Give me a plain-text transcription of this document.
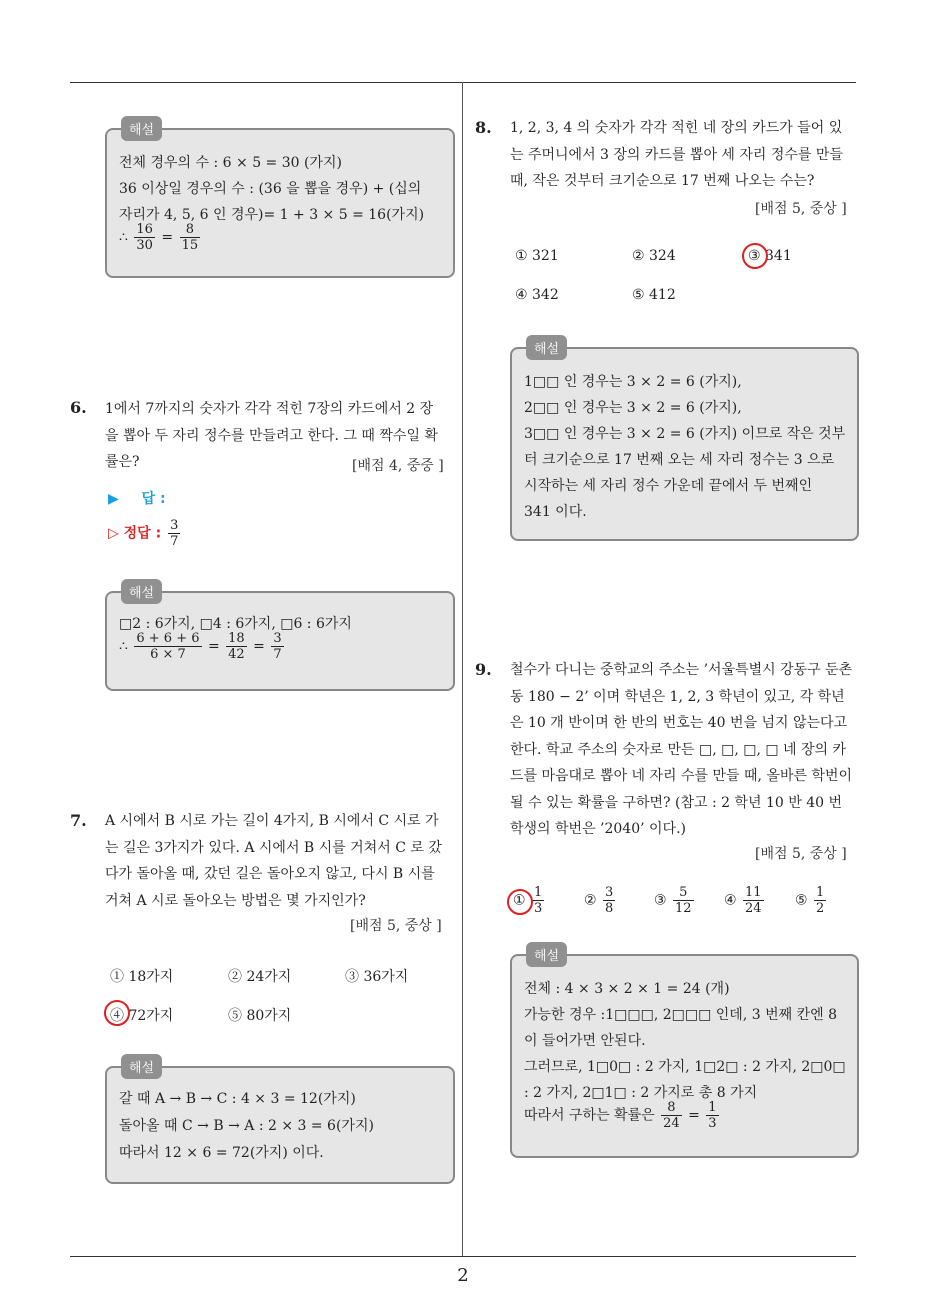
해설
전체 경우의 수 : 6 × 5 = 30 (가지)
36 이상일 경우의 수 : (36 을 뽑을 경우) + (십의
자리가 4, 5, 6 인 경우)= 1 + 3 × 5 = 16(가지)
∴ $\frac{16}{30} = \frac{8}{15}$
6. 1에서 7까지의 숫자가 각각 적힌 7장의 카드에서 2 장을 뽑아 두 자리 정수를 만들려고 한다. 그 때 짝수일 확률은?	[배점 4, 중중 ]
▶ 답 :
▷ 정답 : $\frac{3}{7}$
해설
□2 : 6가지, □4 : 6가지, □6 : 6가지
∴ $\frac{6 + 6 + 6}{6 \times 7} = \frac{18}{42} = \frac{3}{7}$
7. A 시에서 B 시로 가는 길이 4가지, B 시에서 C 시로 가는 길은 3가지가 있다. A 시에서 B 시를 거쳐서 C 로 갔다가 돌아올 때, 갔던 길은 돌아오지 않고, 다시 B 시를 거쳐 A 시로 돌아오는 방법은 몇 가지인가?
[배점 5, 중상 ]
① 18가지	② 24가지	③ 36가지
④ 72가지	⑤ 80가지
해설
갈 때 A → B → C : 4 × 3 = 12(가지)
돌아올 때 C → B → A : 2 × 3 = 6(가지)
따라서 12 × 6 = 72(가지) 이다.
8. 1, 2, 3, 4 의 숫자가 각각 적힌 네 장의 카드가 들어 있는 주머니에서 3 장의 카드를 뽑아 세 자리 정수를 만들 때, 작은 것부터 크기순으로 17 번째 나오는 수는?
[배점 5, 중상 ]
① 321	② 324	③ 341
④ 342	⑤ 412
해설
1□□ 인 경우는 3 × 2 = 6 (가지),
2□□ 인 경우는 3 × 2 = 6 (가지),
3□□ 인 경우는 3 × 2 = 6 (가지) 이므로 작은 것부
터 크기순으로 17 번째 오는 세 자리 정수는 3 으로
시작하는 세 자리 정수 가운데 끝에서 두 번째인
341 이다.
9. 철수가 다니는 중학교의 주소는 ’서울특별시 강동구 둔촌동 180 − 2’ 이며 학년은 1, 2, 3 학년이 있고, 각 학년은 10 개 반이며 한 반의 번호는 40 번을 넘지 않는다고 한다. 학교 주소의 숫자로 만든 □, □, □, □ 네 장의 카드를 마음대로 뽑아 네 자리 수를 만들 때, 올바른 학번이 될 수 있는 확률을 구하면? (참고 : 2 학년 10 반 40 번 학생의 학번은 ’2040’ 이다.)
[배점 5, 중상 ]
① $\frac{1}{3}$	② $\frac{3}{8}$	③ $\frac{5}{12}$ ④ $\frac{11}{24}$ ⑤ $\frac{1}{2}$
해설
전체 : 4 × 3 × 2 × 1 = 24 (개)
가능한 경우 :1□□□, 2□□□ 인데, 3 번째 칸엔 8
이 들어가면 안된다.
그러므로, 1□0□ : 2 가지, 1□2□ : 2 가지, 2□0□
: 2 가지, 2□1□ : 2 가지로 총 8 가지
따라서 구하는 확률은 $\frac{8}{24} = \frac{1}{3}$
2
